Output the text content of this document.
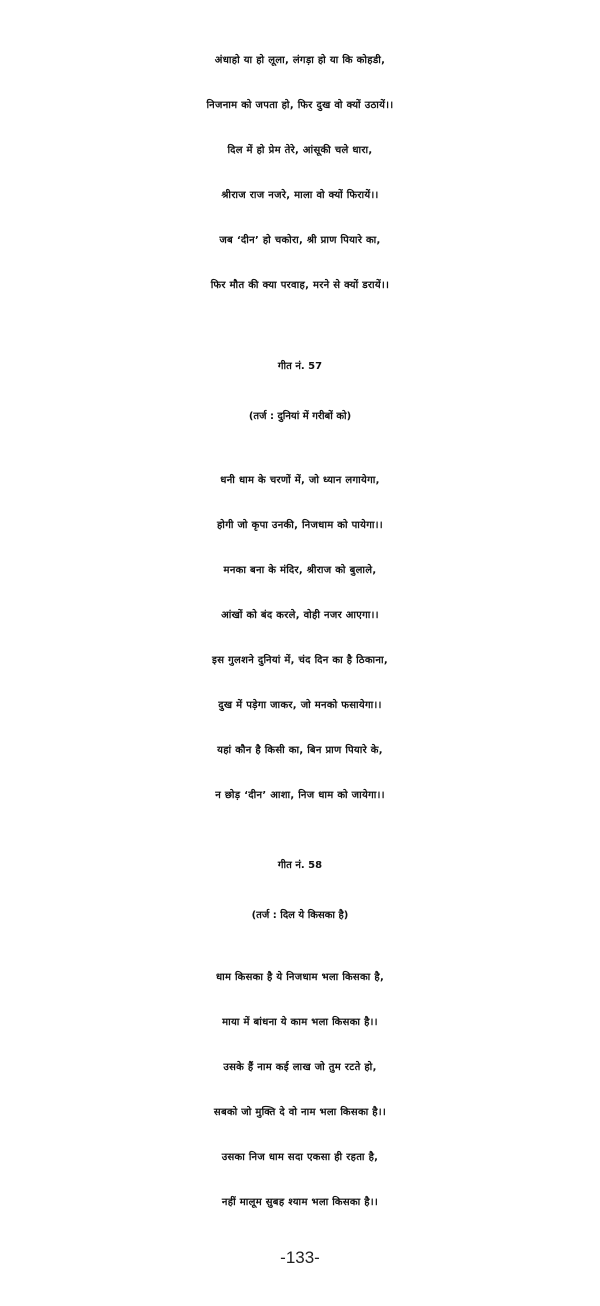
अंधाहो या हो लूला, लंगड़ा हो या कि कोहडी,
निजनाम को जपता हो, फिर दुख वो क्यों उठायें।।
दिल में हो प्रेम तेरे, आंसूकी चले धारा,
श्रीराज राज नजरे, माला वो क्यों फिरायें।।
जब ‘दीन’ हो चकोरा, श्री प्राण पियारे का,
फिर मौत की क्या परवाह, मरने से क्यों डरायें।।
गीत नं. 57
(तर्ज : दुनियां में गरीबों को)
धनी धाम के चरणों में, जो ध्यान लगायेगा,
होगी जो कृपा उनकी, निजधाम को पायेगा।।
मनका बना के मंदिर, श्रीराज को बुलाले,
आंखों को बंद करले, वोही नजर आएगा।।
इस गुलशने दुनियां में, चंद दिन का है ठिकाना,
दुख में पड़ेगा जाकर, जो मनको फसायेगा।।
यहां कौन है किसी का, बिन प्राण पियारे के,
न छोड़ ‘दीन’ आशा, निज धाम को जायेगा।।
गीत नं. 58
(तर्ज : दिल ये किसका है)
धाम किसका है ये निजधाम भला किसका है,
माया में बांधना ये काम भला किसका है।।
उसके हैं नाम कई लाख जो तुम रटते हो,
सबको जो मुक्ति दे वो नाम भला किसका है।।
उसका निज धाम सदा एकसा ही रहता है,
नहीं मालूम सुबह श्याम भला किसका है।।
-133-
